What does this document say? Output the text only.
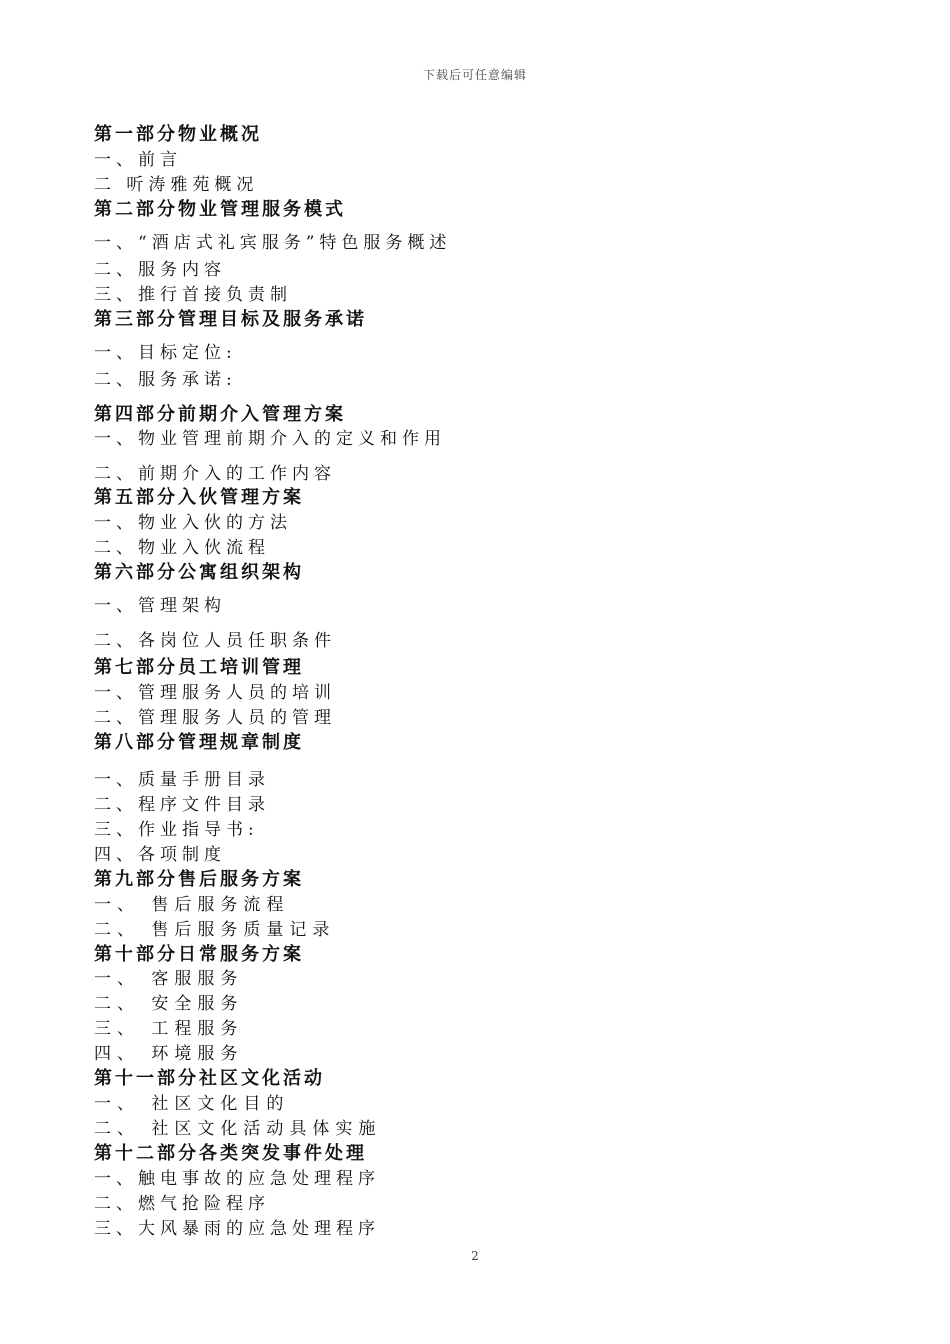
下载后可任意编辑
第一部分物业概况
一、前言
二 听涛雅苑概况
第二部分物业管理服务模式
一、“酒店式礼宾服务”特色服务概述
二、服务内容
三、推行首接负责制
第三部分管理目标及服务承诺
一、目标定位:
二、服务承诺:
第四部分前期介入管理方案
一、物业管理前期介入的定义和作用
二、前期介入的工作内容
第五部分入伙管理方案
一、物业入伙的方法
二、物业入伙流程
第六部分公寓组织架构
一、管理架构
二、各岗位人员任职条件
第七部分员工培训管理
一、管理服务人员的培训
二、管理服务人员的管理
第八部分管理规章制度
一、质量手册目录
二、程序文件目录
三、作业指导书:
四、各项制度
第九部分售后服务方案
一、 售后服务流程
二、 售后服务质量记录
第十部分日常服务方案
一、 客服服务
二、 安全服务
三、 工程服务
四、 环境服务
第十一部分社区文化活动
一、 社区文化目的
二、 社区文化活动具体实施
第十二部分各类突发事件处理
一、触电事故的应急处理程序
二、燃气抢险程序
三、大风暴雨的应急处理程序
2
